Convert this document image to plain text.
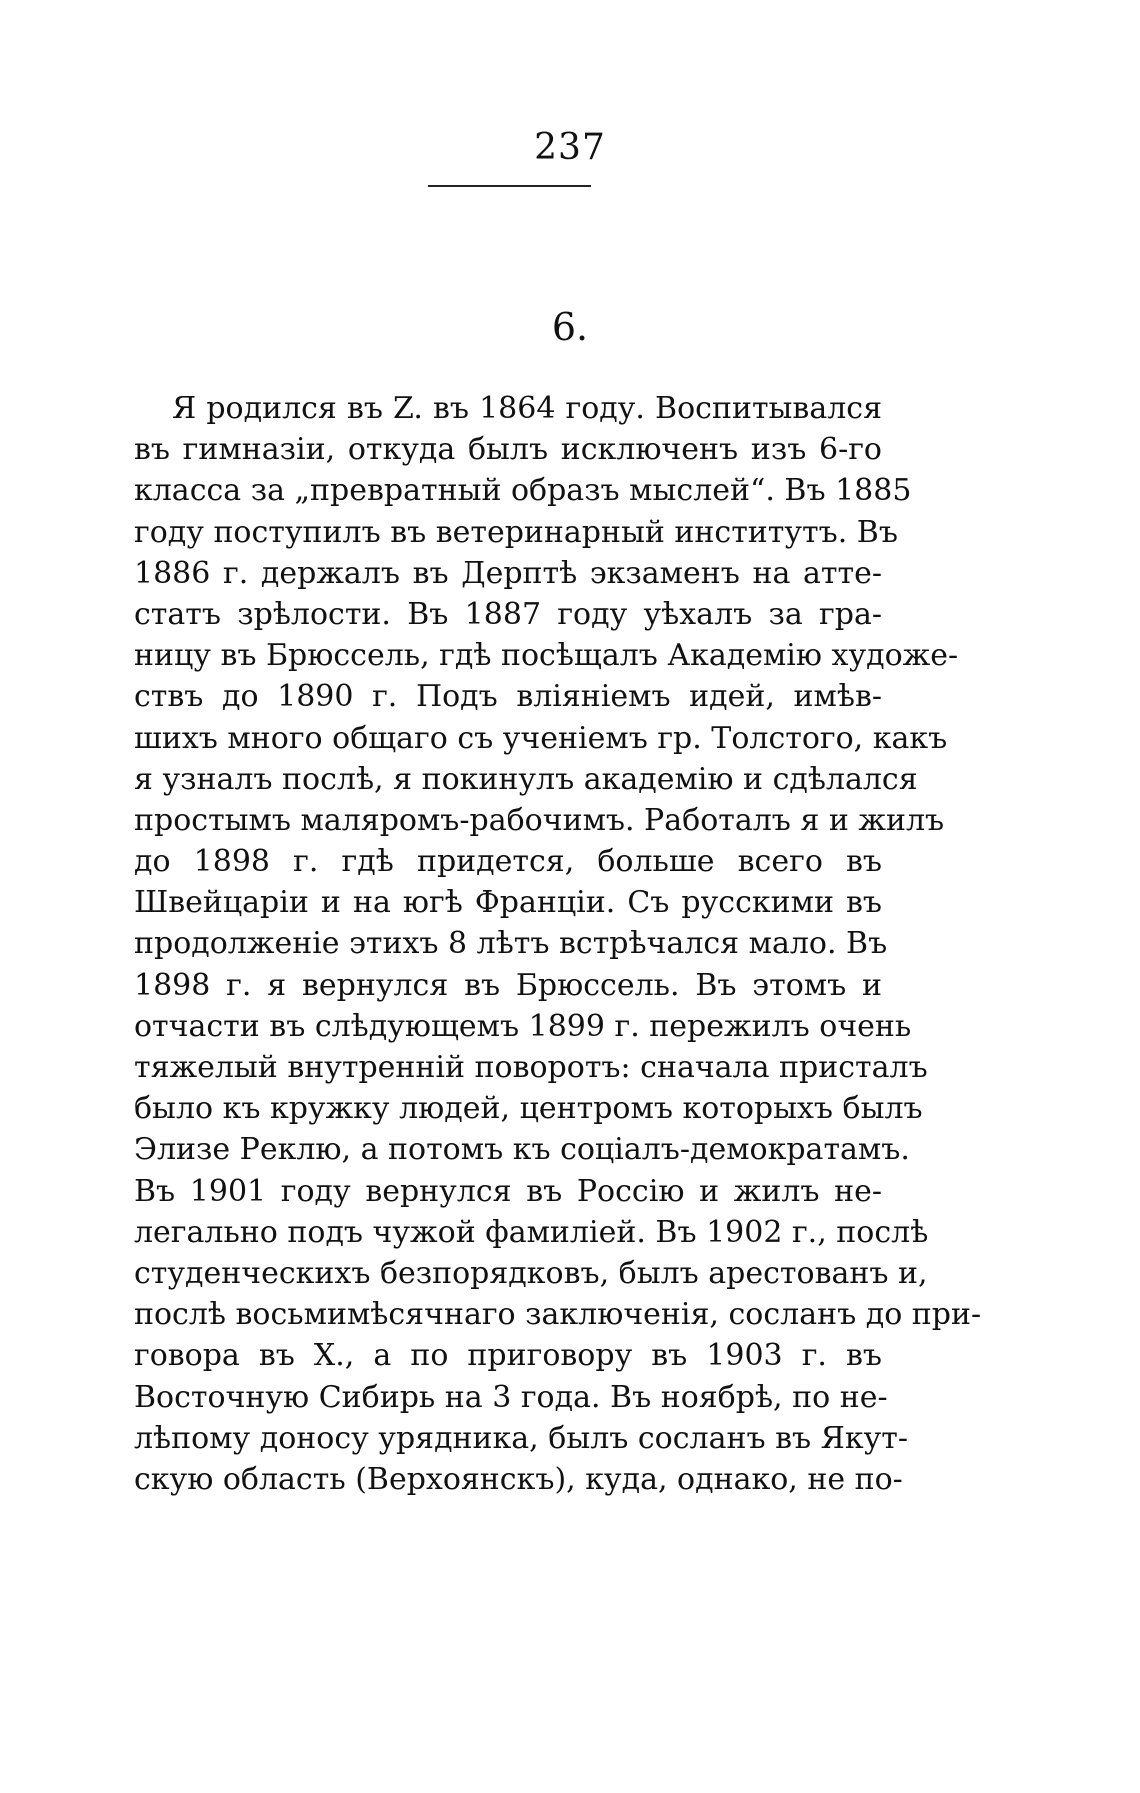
237
6.
Я родился въ Z. въ 1864 году. Воспитывался
въ гимназіи, откуда былъ исключенъ изъ 6-го
класса за „превратный образъ мыслей“. Въ 1885
году поступилъ въ ветеринарный институтъ. Въ
1886 г. держалъ въ Дерптѣ экзаменъ на атте-
статъ зрѣлости. Въ 1887 году уѣхалъ за гра-
ницу въ Брюссель, гдѣ посѣщалъ Академію художе-
ствъ до 1890 г. Подъ вліяніемъ идей, имѣв-
шихъ много общаго съ ученіемъ гр. Толстого, какъ
я узналъ послѣ, я покинулъ академію и сдѣлался
простымъ маляромъ-рабочимъ. Работалъ я и жилъ
до 1898 г. гдѣ придется, больше всего въ
Швейцаріи и на югѣ Франціи. Съ русскими въ
продолженіе этихъ 8 лѣтъ встрѣчался мало. Въ
1898 г. я вернулся въ Брюссель. Въ этомъ и
отчасти въ слѣдующемъ 1899 г. пережилъ очень
тяжелый внутренній поворотъ: сначала присталъ
было къ кружку людей, центромъ которыхъ былъ
Элизе Реклю, а потомъ къ соціалъ-демократамъ.
Въ 1901 году вернулся въ Россію и жилъ не-
легально подъ чужой фамиліей. Въ 1902 г., послѣ
студенческихъ безпорядковъ, былъ арестованъ и,
послѣ восьмимѣсячнаго заключенія, сосланъ до при-
говора въ X., а по приговору въ 1903 г. въ
Восточную Сибирь на 3 года. Въ ноябрѣ, по не-
лѣпому доносу урядника, былъ сосланъ въ Якут-
скую область (Верхоянскъ), куда, однако, не по-
